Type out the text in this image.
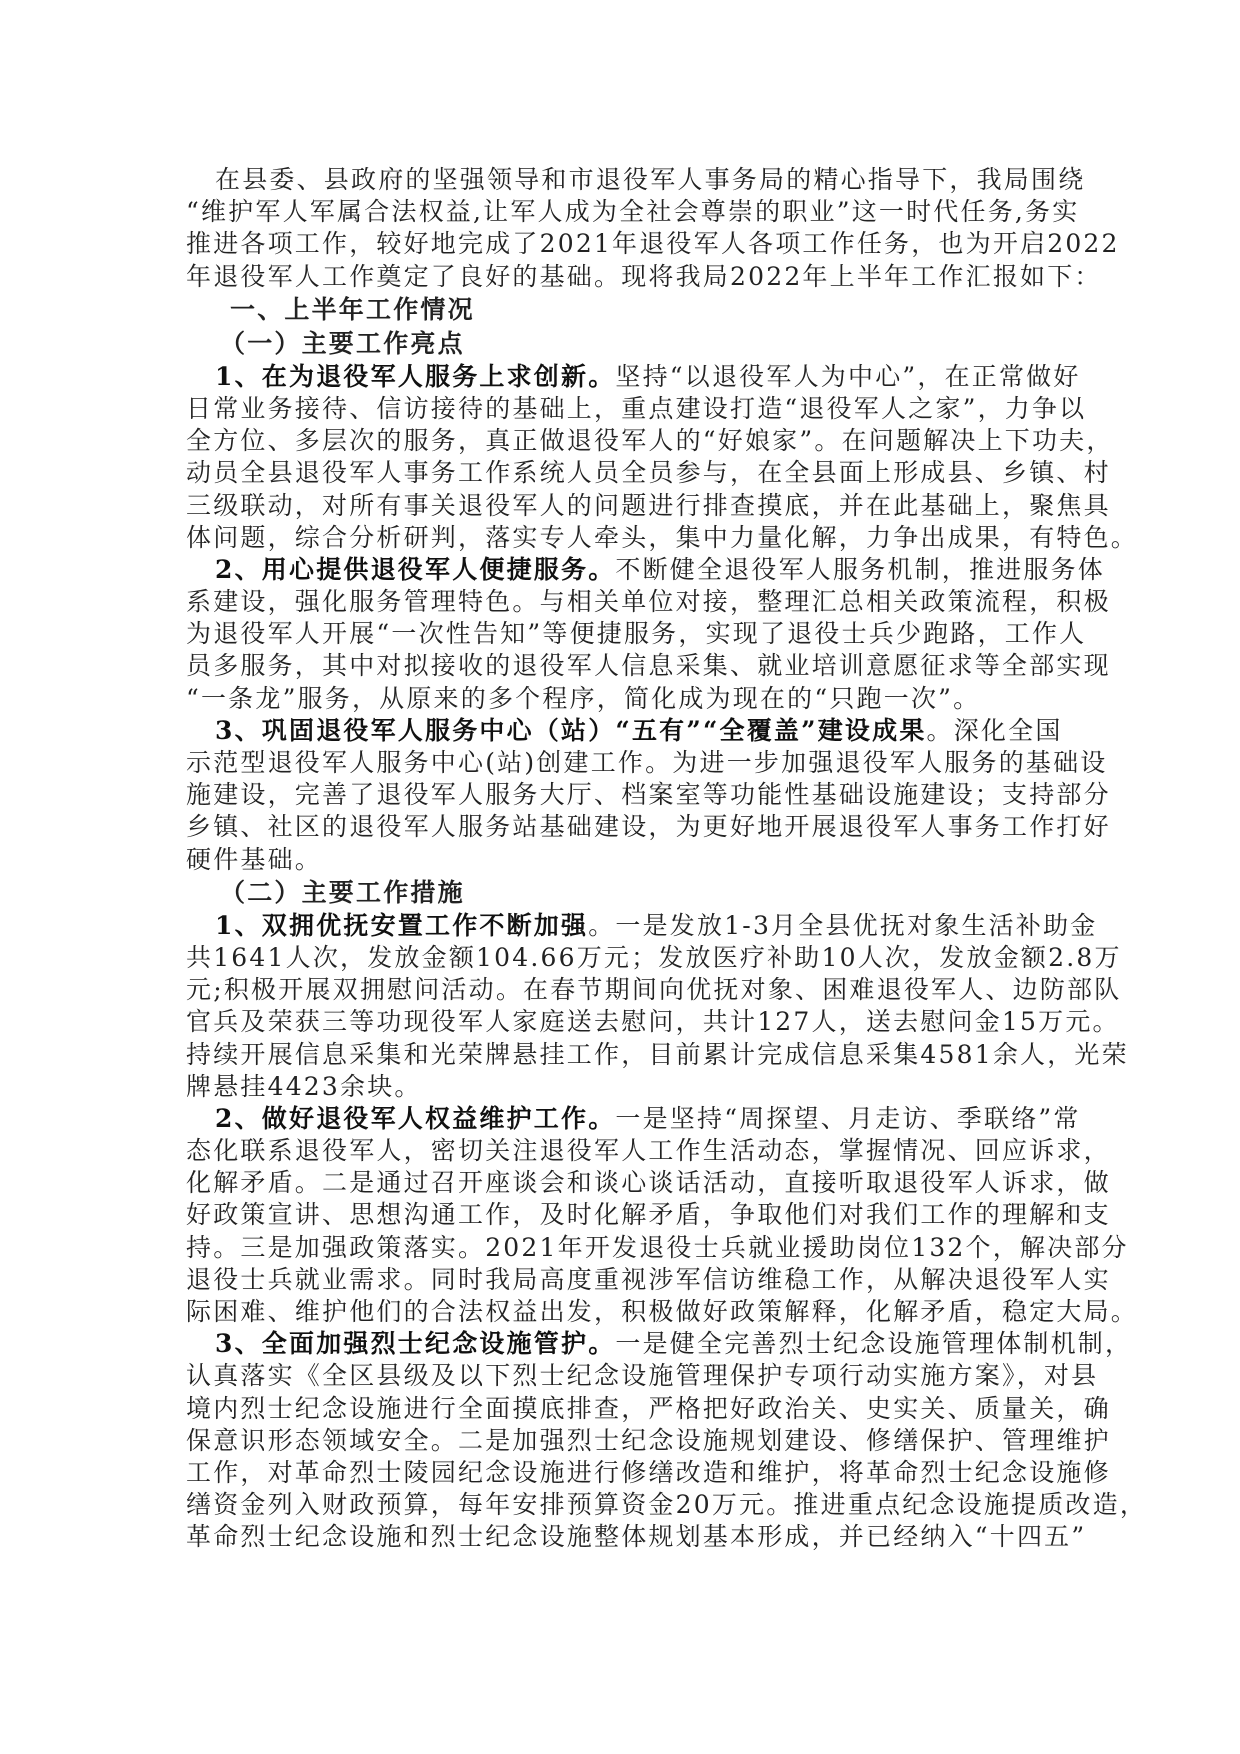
在县委、县政府的坚强领导和市退役军人事务局的精心指导下，我局围绕
“维护军人军属合法权益,让军人成为全社会尊崇的职业”这一时代任务,务实
推进各项工作，较好地完成了2021年退役军人各项工作任务，也为开启2022
年退役军人工作奠定了良好的基础。现将我局2022年上半年工作汇报如下：
一、上半年工作情况
（一）主要工作亮点
1、在为退役军人服务上求创新。坚持“以退役军人为中心”，在正常做好
日常业务接待、信访接待的基础上，重点建设打造“退役军人之家”，力争以
全方位、多层次的服务，真正做退役军人的“好娘家”。在问题解决上下功夫，
动员全县退役军人事务工作系统人员全员参与，在全县面上形成县、乡镇、村
三级联动，对所有事关退役军人的问题进行排查摸底，并在此基础上，聚焦具
体问题，综合分析研判，落实专人牵头，集中力量化解，力争出成果，有特色。
2、用心提供退役军人便捷服务。不断健全退役军人服务机制，推进服务体
系建设，强化服务管理特色。与相关单位对接，整理汇总相关政策流程，积极
为退役军人开展“一次性告知”等便捷服务，实现了退役士兵少跑路，工作人
员多服务，其中对拟接收的退役军人信息采集、就业培训意愿征求等全部实现
“一条龙”服务，从原来的多个程序，简化成为现在的“只跑一次”。
3、巩固退役军人服务中心（站）“五有”“全覆盖”建设成果。深化全国
示范型退役军人服务中心(站)创建工作。为进一步加强退役军人服务的基础设
施建设，完善了退役军人服务大厅、档案室等功能性基础设施建设；支持部分
乡镇、社区的退役军人服务站基础建设，为更好地开展退役军人事务工作打好
硬件基础。
（二）主要工作措施
1、双拥优抚安置工作不断加强。一是发放1-3月全县优抚对象生活补助金
共1641人次，发放金额104.66万元；发放医疗补助10人次，发放金额2.8万
元;积极开展双拥慰问活动。在春节期间向优抚对象、困难退役军人、边防部队
官兵及荣获三等功现役军人家庭送去慰问，共计127人，送去慰问金15万元。
持续开展信息采集和光荣牌悬挂工作，目前累计完成信息采集4581余人，光荣
牌悬挂4423余块。
2、做好退役军人权益维护工作。一是坚持“周探望、月走访、季联络”常
态化联系退役军人，密切关注退役军人工作生活动态，掌握情况、回应诉求，
化解矛盾。二是通过召开座谈会和谈心谈话活动，直接听取退役军人诉求，做
好政策宣讲、思想沟通工作，及时化解矛盾，争取他们对我们工作的理解和支
持。三是加强政策落实。2021年开发退役士兵就业援助岗位132个，解决部分
退役士兵就业需求。同时我局高度重视涉军信访维稳工作，从解决退役军人实
际困难、维护他们的合法权益出发，积极做好政策解释，化解矛盾，稳定大局。
3、全面加强烈士纪念设施管护。一是健全完善烈士纪念设施管理体制机制，
认真落实《全区县级及以下烈士纪念设施管理保护专项行动实施方案》，对县
境内烈士纪念设施进行全面摸底排查，严格把好政治关、史实关、质量关，确
保意识形态领域安全。二是加强烈士纪念设施规划建设、修缮保护、管理维护
工作，对革命烈士陵园纪念设施进行修缮改造和维护，将革命烈士纪念设施修
缮资金列入财政预算，每年安排预算资金20万元。推进重点纪念设施提质改造，
革命烈士纪念设施和烈士纪念设施整体规划基本形成，并已经纳入“十四五”
